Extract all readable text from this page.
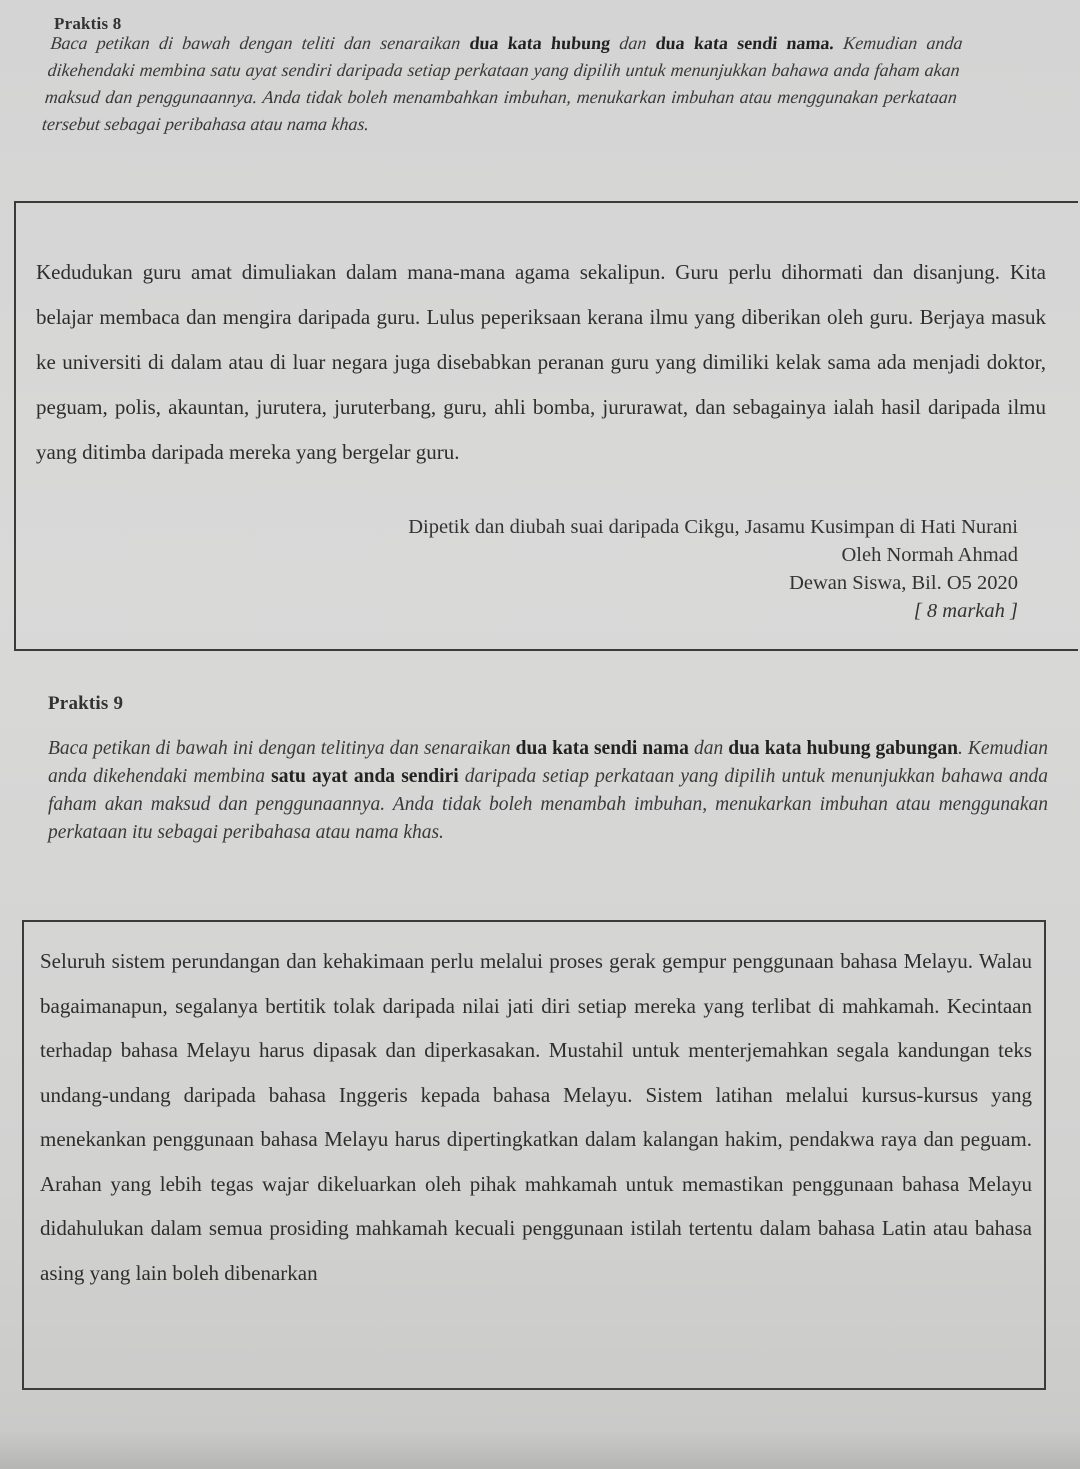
Praktis 8
Baca petikan di bawah dengan teliti dan senaraikan dua kata hubung dan dua kata sendi nama. Kemudian anda dikehendaki membina satu ayat sendiri daripada setiap perkataan yang dipilih untuk menunjukkan bahawa anda faham akan maksud dan penggunaannya. Anda tidak boleh menambahkan imbuhan, menukarkan imbuhan atau menggunakan perkataan tersebut sebagai peribahasa atau nama khas.
Kedudukan guru amat dimuliakan dalam mana-mana agama sekalipun. Guru perlu dihormati dan disanjung. Kita belajar membaca dan mengira daripada guru. Lulus peperiksaan kerana ilmu yang diberikan oleh guru. Berjaya masuk ke universiti di dalam atau di luar negara juga disebabkan peranan guru yang dimiliki kelak sama ada menjadi doktor, peguam, polis, akauntan, jurutera, juruterbang, guru, ahli bomba, jururawat, dan sebagainya ialah hasil daripada ilmu yang ditimba daripada mereka yang bergelar guru.
Dipetik dan diubah suai daripada Cikgu, Jasamu Kusimpan di Hati Nurani
Oleh Normah Ahmad
Dewan Siswa, Bil. O5 2020
[ 8 markah ]
Praktis 9
Baca petikan di bawah ini dengan telitinya dan senaraikan dua kata sendi nama dan dua kata hubung gabungan. Kemudian anda dikehendaki membina satu ayat anda sendiri daripada setiap perkataan yang dipilih untuk menunjukkan bahawa anda faham akan maksud dan penggunaannya. Anda tidak boleh menambah imbuhan, menukarkan imbuhan atau menggunakan perkataan itu sebagai peribahasa atau nama khas.
Seluruh sistem perundangan dan kehakimaan perlu melalui proses gerak gempur penggunaan bahasa Melayu. Walau bagaimanapun, segalanya bertitik tolak daripada nilai jati diri setiap mereka yang terlibat di mahkamah. Kecintaan terhadap bahasa Melayu harus dipasak dan diperkasakan. Mustahil untuk menterjemahkan segala kandungan teks undang-undang daripada bahasa Inggeris kepada bahasa Melayu. Sistem latihan melalui kursus-kursus yang menekankan penggunaan bahasa Melayu harus dipertingkatkan dalam kalangan hakim, pendakwa raya dan peguam. Arahan yang lebih tegas wajar dikeluarkan oleh pihak mahkamah untuk memastikan penggunaan bahasa Melayu didahulukan dalam semua prosiding mahkamah kecuali penggunaan istilah tertentu dalam bahasa Latin atau bahasa asing yang lain boleh dibenarkan
